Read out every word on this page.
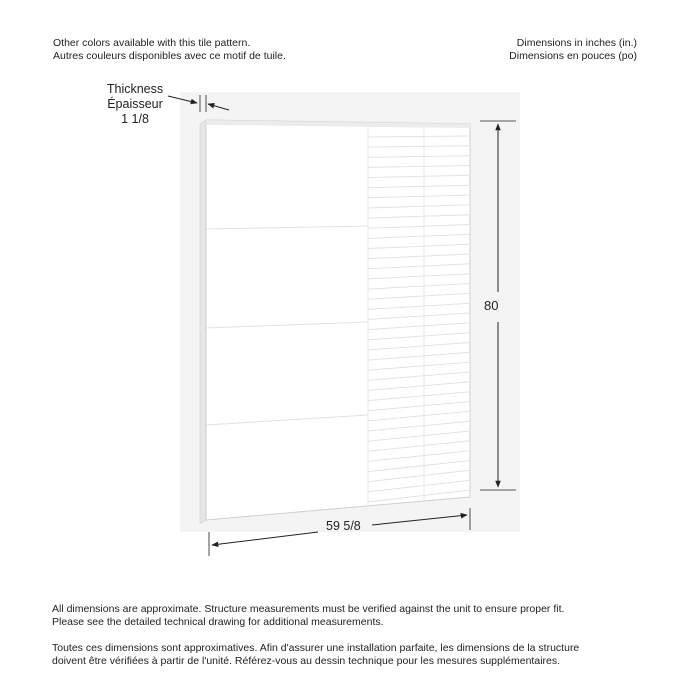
Other colors available with this tile pattern.
Autres couleurs disponibles avec ce motif de tuile.
Dimensions in inches (in.)
Dimensions en pouces (po)
Thickness
Épaisseur
1 1/8
80
59 5/8
All dimensions are approximate. Structure measurements must be verified against the unit to ensure proper fit.
Please see the detailed technical drawing for additional measurements.
Toutes ces dimensions sont approximatives. Afin d'assurer une installation parfaite, les dimensions de la structure
doivent être vérifiées à partir de l'unité. Référez-vous au dessin technique pour les mesures supplémentaires.
